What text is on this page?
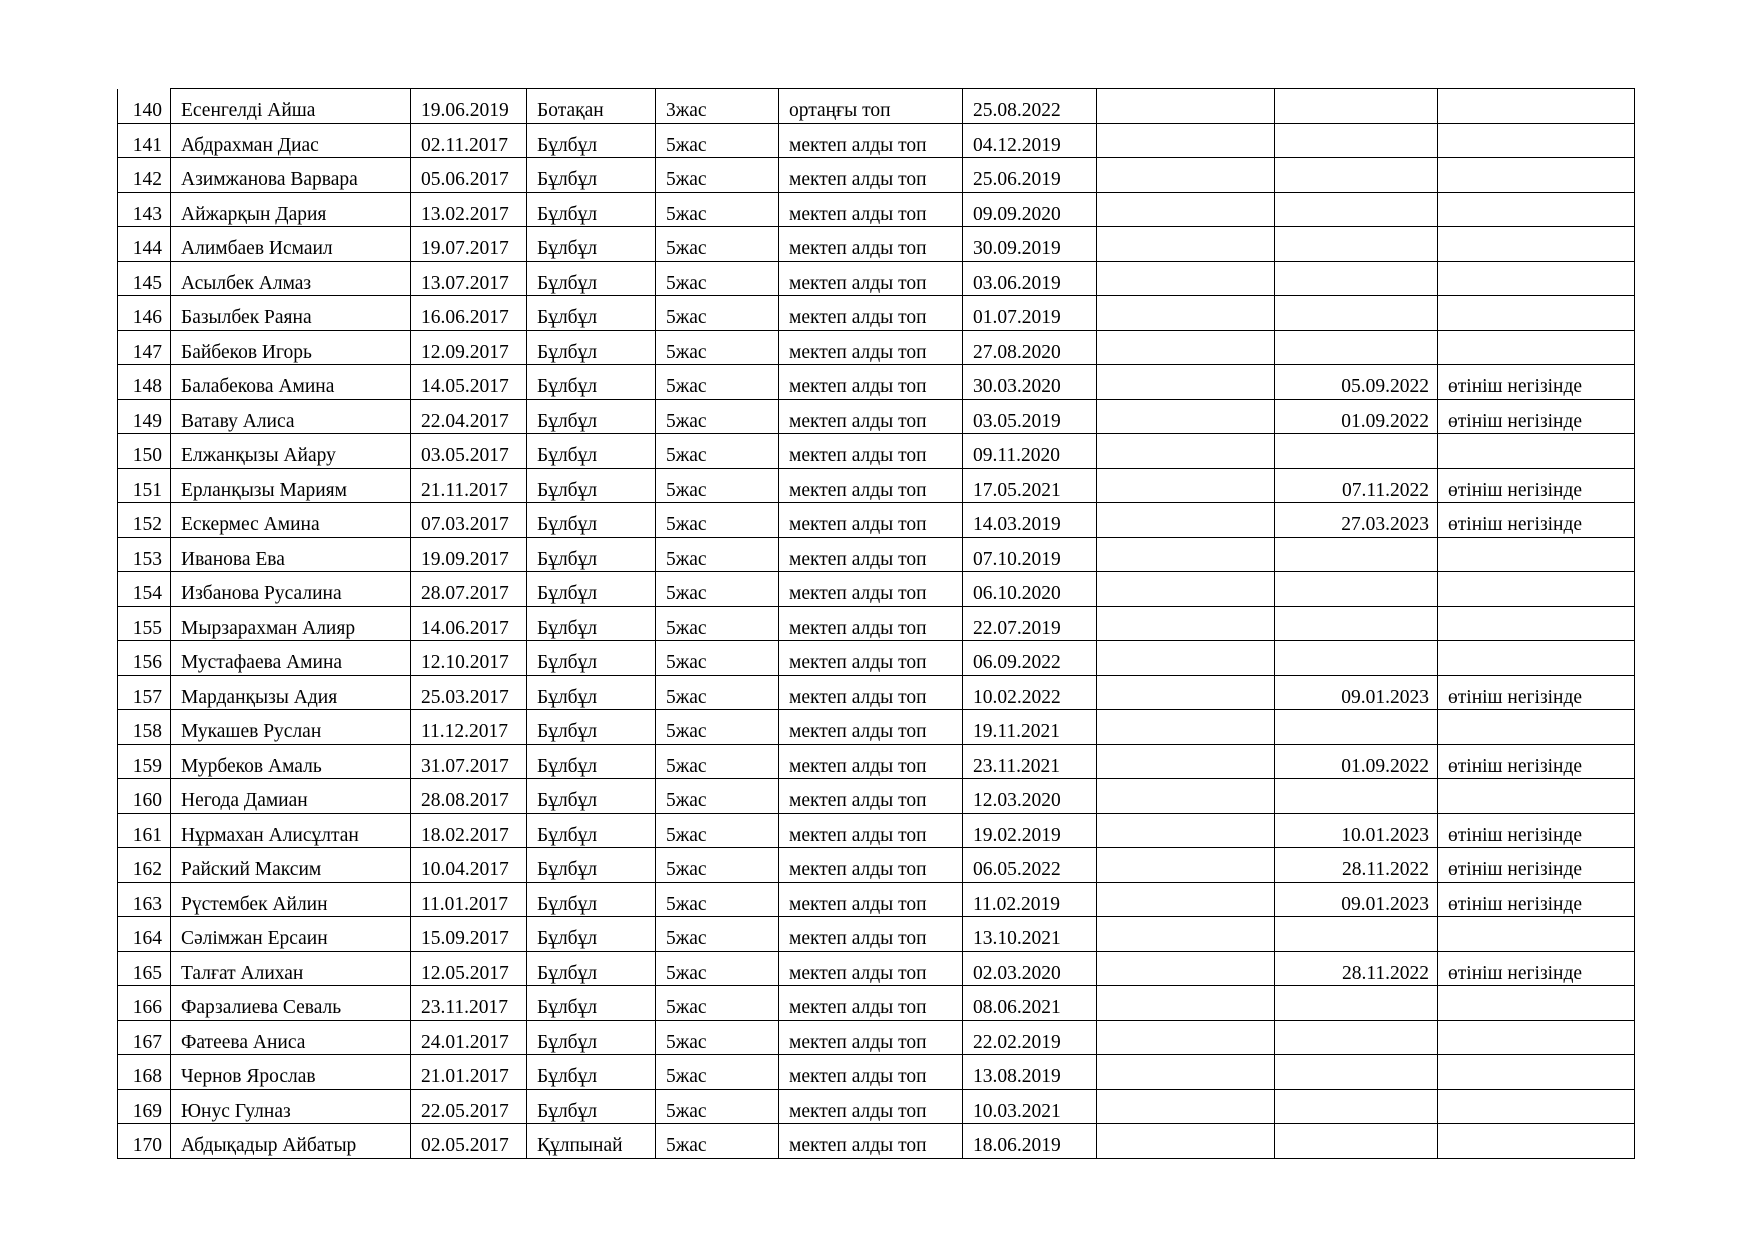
140	Есенгелді Айша	19.06.2019	Ботақан	3жас	ортаңғы топ	25.08.2022			
141	Абдрахман Диас	02.11.2017	Бұлбұл	5жас	мектеп алды топ	04.12.2019			
142	Азимжанова Варвара	05.06.2017	Бұлбұл	5жас	мектеп алды топ	25.06.2019			
143	Айжарқын Дария	13.02.2017	Бұлбұл	5жас	мектеп алды топ	09.09.2020			
144	Алимбаев Исмаил	19.07.2017	Бұлбұл	5жас	мектеп алды топ	30.09.2019			
145	Асылбек Алмаз	13.07.2017	Бұлбұл	5жас	мектеп алды топ	03.06.2019			
146	Базылбек Раяна	16.06.2017	Бұлбұл	5жас	мектеп алды топ	01.07.2019			
147	Байбеков Игорь	12.09.2017	Бұлбұл	5жас	мектеп алды топ	27.08.2020			
148	Балабекова Амина	14.05.2017	Бұлбұл	5жас	мектеп алды топ	30.03.2020		05.09.2022	өтініш негізінде
149	Ватаву Алиса	22.04.2017	Бұлбұл	5жас	мектеп алды топ	03.05.2019		01.09.2022	өтініш негізінде
150	Елжанқызы Айару	03.05.2017	Бұлбұл	5жас	мектеп алды топ	09.11.2020			
151	Ерланқызы Мариям	21.11.2017	Бұлбұл	5жас	мектеп алды топ	17.05.2021		07.11.2022	өтініш негізінде
152	Ескермес Амина	07.03.2017	Бұлбұл	5жас	мектеп алды топ	14.03.2019		27.03.2023	өтініш негізінде
153	Иванова Ева	19.09.2017	Бұлбұл	5жас	мектеп алды топ	07.10.2019			
154	Избанова Русалина	28.07.2017	Бұлбұл	5жас	мектеп алды топ	06.10.2020			
155	Мырзарахман Алияр	14.06.2017	Бұлбұл	5жас	мектеп алды топ	22.07.2019			
156	Мустафаева Амина	12.10.2017	Бұлбұл	5жас	мектеп алды топ	06.09.2022			
157	Марданқызы Адия	25.03.2017	Бұлбұл	5жас	мектеп алды топ	10.02.2022		09.01.2023	өтініш негізінде
158	Мукашев Руслан	11.12.2017	Бұлбұл	5жас	мектеп алды топ	19.11.2021			
159	Мурбеков Амаль	31.07.2017	Бұлбұл	5жас	мектеп алды топ	23.11.2021		01.09.2022	өтініш негізінде
160	Негода Дамиан	28.08.2017	Бұлбұл	5жас	мектеп алды топ	12.03.2020			
161	Нұрмахан Алисұлтан	18.02.2017	Бұлбұл	5жас	мектеп алды топ	19.02.2019		10.01.2023	өтініш негізінде
162	Райский Максим	10.04.2017	Бұлбұл	5жас	мектеп алды топ	06.05.2022		28.11.2022	өтініш негізінде
163	Рүстембек Айлин	11.01.2017	Бұлбұл	5жас	мектеп алды топ	11.02.2019		09.01.2023	өтініш негізінде
164	Сәлімжан Ерсаин	15.09.2017	Бұлбұл	5жас	мектеп алды топ	13.10.2021			
165	Талғат Алихан	12.05.2017	Бұлбұл	5жас	мектеп алды топ	02.03.2020		28.11.2022	өтініш негізінде
166	Фарзалиева Севаль	23.11.2017	Бұлбұл	5жас	мектеп алды топ	08.06.2021			
167	Фатеева Аниса	24.01.2017	Бұлбұл	5жас	мектеп алды топ	22.02.2019			
168	Чернов Ярослав	21.01.2017	Бұлбұл	5жас	мектеп алды топ	13.08.2019			
169	Юнус Гулназ	22.05.2017	Бұлбұл	5жас	мектеп алды топ	10.03.2021			
170	Абдықадыр Айбатыр	02.05.2017	Құлпынай	5жас	мектеп алды топ	18.06.2019			
